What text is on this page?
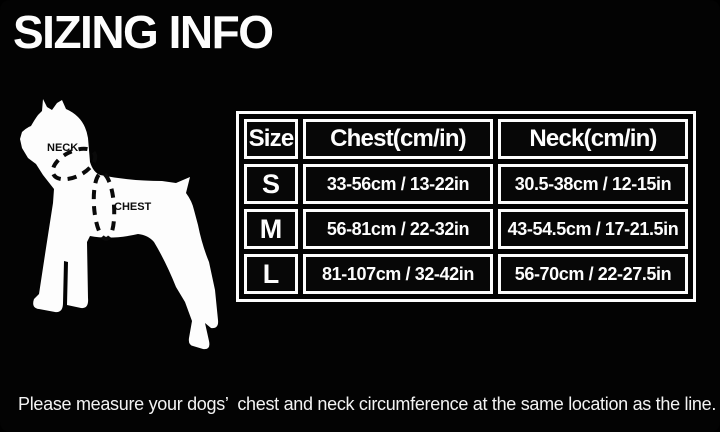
SIZING INFO
NECK
CHEST
Size	Chest(cm/in)	Neck(cm/in)
S	33-56cm / 13-22in	30.5-38cm / 12-15in
M	56-81cm / 22-32in	43-54.5cm / 17-21.5in
L	81-107cm / 32-42in	56-70cm / 22-27.5in
Please measure your dogs’  chest and neck circumference at the same location as the line.
